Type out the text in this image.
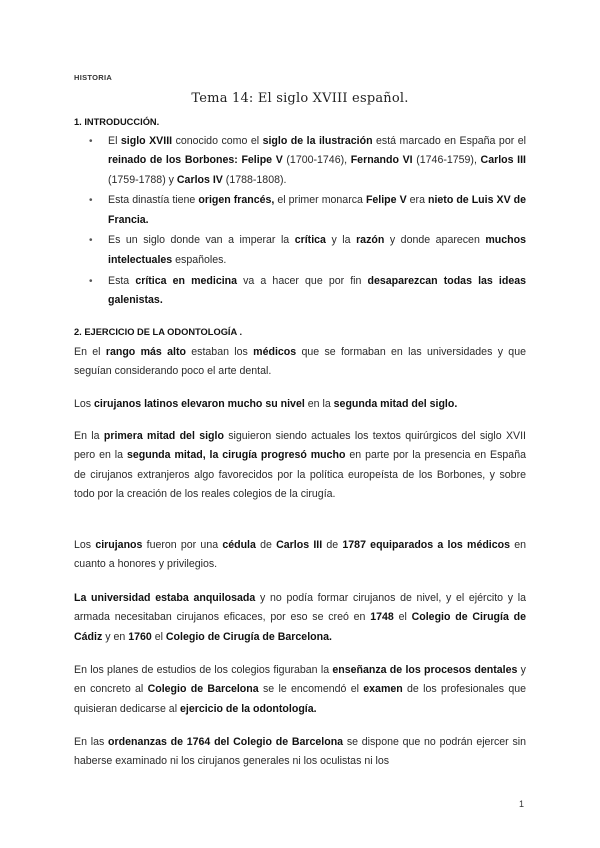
HISTORIA
Tema 14: El siglo XVIII español.
1. INTRODUCCIÓN.
• El siglo XVIII conocido como el siglo de la ilustración está marcado en España por el reinado de los Borbones: Felipe V (1700-1746), Fernando VI (1746-1759), Carlos III (1759-1788) y Carlos IV (1788-1808).
• Esta dinastía tiene origen francés, el primer monarca Felipe V era nieto de Luis XV de Francia.
• Es un siglo donde van a imperar la crítica y la razón y donde aparecen muchos intelectuales españoles.
• Esta crítica en medicina va a hacer que por fin desaparezcan todas las ideas galenistas.
2. EJERCICIO DE LA ODONTOLOGÍA .
En el rango más alto estaban los médicos que se formaban en las universidades y que seguían considerando poco el arte dental.
Los cirujanos latinos elevaron mucho su nivel en la segunda mitad del siglo.
En la primera mitad del siglo siguieron siendo actuales los textos quirúrgicos del siglo XVII pero en la segunda mitad, la cirugía progresó mucho en parte por la presencia en España de cirujanos extranjeros algo favorecidos por la política europeísta de los Borbones, y sobre todo por la creación de los reales colegios de la cirugía.
Los cirujanos fueron por una cédula de Carlos III de 1787 equiparados a los médicos en cuanto a honores y privilegios.
La universidad estaba anquilosada y no podía formar cirujanos de nivel, y el ejército y la armada necesitaban cirujanos eficaces, por eso se creó en 1748 el Colegio de Cirugía de Cádiz y en 1760 el Colegio de Cirugía de Barcelona.
En los planes de estudios de los colegios figuraban la enseñanza de los procesos dentales y en concreto al Colegio de Barcelona se le encomendó el examen de los profesionales que quisieran dedicarse al ejercicio de la odontología.
En las ordenanzas de 1764 del Colegio de Barcelona se dispone que no podrán ejercer sin haberse examinado ni los cirujanos generales ni los oculistas ni los
1
